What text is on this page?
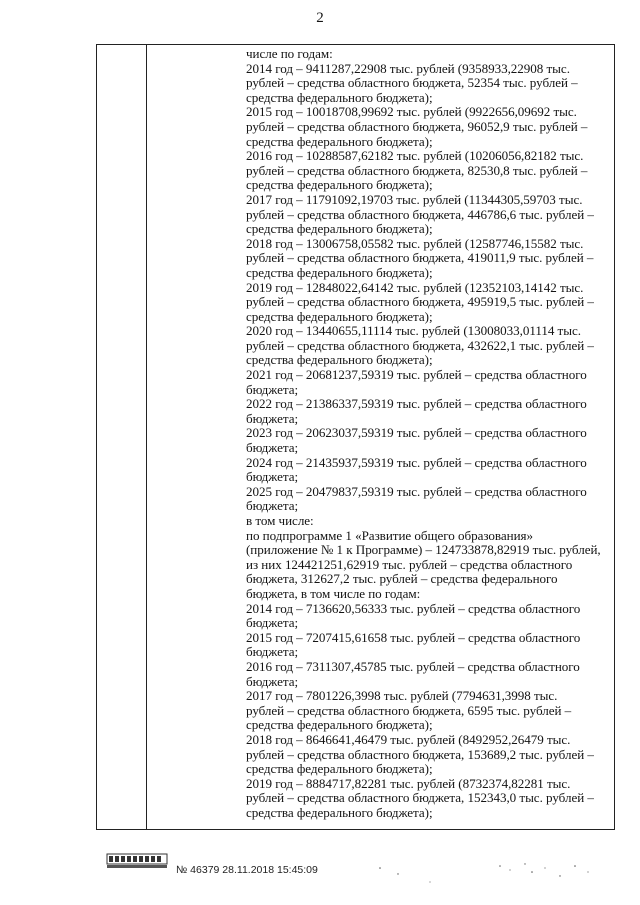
2
числе по годам:
2014 год – 9411287,22908 тыс. рублей (9358933,22908 тыс.
рублей – средства областного бюджета, 52354 тыс. рублей –
средства федерального бюджета);
2015 год – 10018708,99692 тыс. рублей (9922656,09692 тыс.
рублей – средства областного бюджета, 96052,9 тыс. рублей –
средства федерального бюджета);
2016 год – 10288587,62182 тыс. рублей (10206056,82182 тыс.
рублей – средства областного бюджета, 82530,8 тыс. рублей –
средства федерального бюджета);
2017 год – 11791092,19703 тыс. рублей (11344305,59703 тыс.
рублей – средства областного бюджета, 446786,6 тыс. рублей –
средства федерального бюджета);
2018 год – 13006758,05582 тыс. рублей (12587746,15582 тыс.
рублей – средства областного бюджета, 419011,9 тыс. рублей –
средства федерального бюджета);
2019 год – 12848022,64142 тыс. рублей (12352103,14142 тыс.
рублей – средства областного бюджета, 495919,5 тыс. рублей –
средства федерального бюджета);
2020 год – 13440655,11114 тыс. рублей (13008033,01114 тыс.
рублей – средства областного бюджета, 432622,1 тыс. рублей –
средства федерального бюджета);
2021 год – 20681237,59319 тыс. рублей – средства областного
бюджета;
2022 год – 21386337,59319 тыс. рублей – средства областного
бюджета;
2023 год – 20623037,59319 тыс. рублей – средства областного
бюджета;
2024 год – 21435937,59319 тыс. рублей – средства областного
бюджета;
2025 год – 20479837,59319 тыс. рублей – средства областного
бюджета;
в том числе:
по подпрограмме 1 «Развитие общего образования»
(приложение № 1 к Программе) – 124733878,82919 тыс. рублей,
из них 124421251,62919 тыс. рублей – средства областного
бюджета, 312627,2 тыс. рублей – средства федерального
бюджета, в том числе по годам:
2014 год – 7136620,56333 тыс. рублей – средства областного
бюджета;
2015 год – 7207415,61658 тыс. рублей – средства областного
бюджета;
2016 год – 7311307,45785 тыс. рублей – средства областного
бюджета;
2017 год – 7801226,3998 тыс. рублей (7794631,3998 тыс.
рублей – средства областного бюджета, 6595 тыс. рублей –
средства федерального бюджета);
2018 год – 8646641,46479 тыс. рублей (8492952,26479 тыс.
рублей – средства областного бюджета, 153689,2 тыс. рублей –
средства федерального бюджета);
2019 год – 8884717,82281 тыс. рублей (8732374,82281 тыс.
рублей – средства областного бюджета, 152343,0 тыс. рублей –
средства федерального бюджета);
№ 46379 28.11.2018 15:45:09
